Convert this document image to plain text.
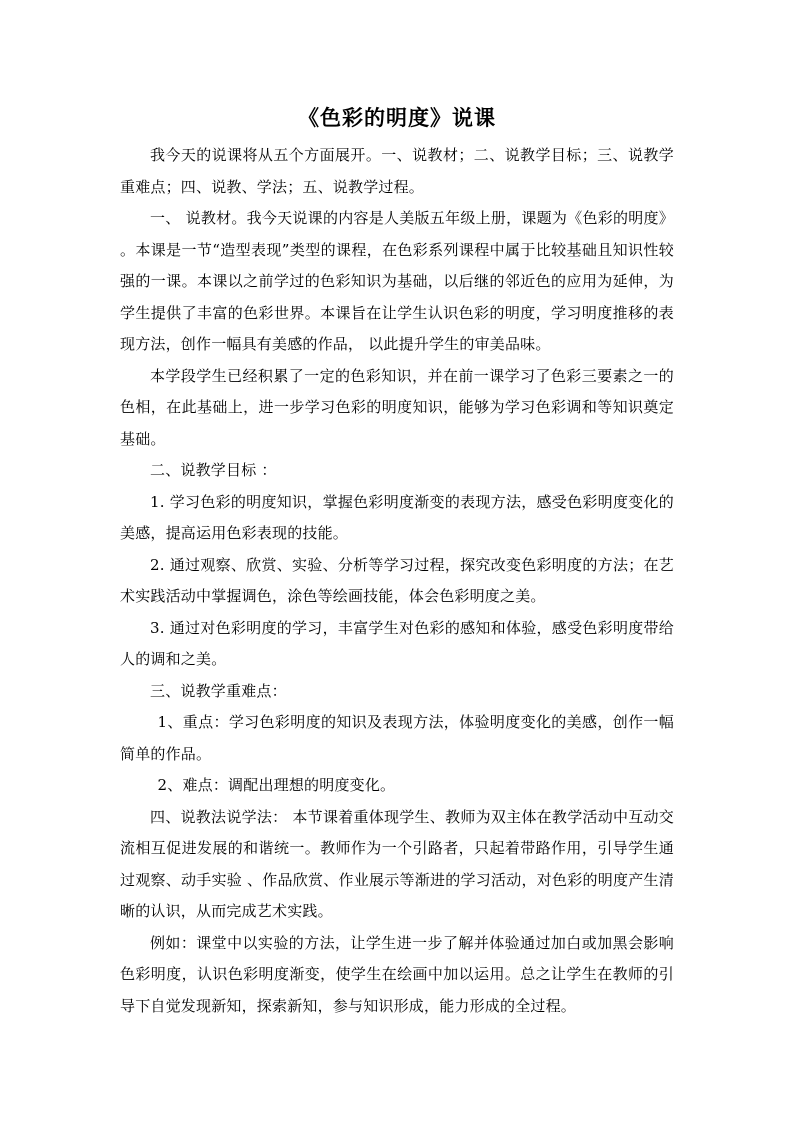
《色彩的明度》说课

我今天的说课将从五个方面展开。一、说教材；二、说教学目标；三、说教学重难点；四、说教、学法；五、说教学过程。

一、 说教材。我今天说课的内容是人美版五年级上册，课题为《色彩的明度》 。本课是一节“造型表现”类型的课程，在色彩系列课程中属于比较基础且知识性较强的一课。本课以之前学过的色彩知识为基础，以后继的邻近色的应用为延伸，为学生提供了丰富的色彩世界。本课旨在让学生认识色彩的明度，学习明度推移的表现方法，创作一幅具有美感的作品， 以此提升学生的审美品味。

本学段学生已经积累了一定的色彩知识，并在前一课学习了色彩三要素之一的色相，在此基础上，进一步学习色彩的明度知识，能够为学习色彩调和等知识奠定基础。

二、说教学目标 ：

1. 学习色彩的明度知识，掌握色彩明度渐变的表现方法，感受色彩明度变化的美感，提高运用色彩表现的技能。

2. 通过观察、欣赏、实验、分析等学习过程，探究改变色彩明度的方法；在艺术实践活动中掌握调色，涂色等绘画技能，体会色彩明度之美。

3. 通过对色彩明度的学习，丰富学生对色彩的感知和体验，感受色彩明度带给人的调和之美。

三、说教学重难点：

1、重点：学习色彩明度的知识及表现方法，体验明度变化的美感，创作一幅简单的作品。

2、难点：调配出理想的明度变化。

四、说教法说学法： 本节课着重体现学生、教师为双主体在教学活动中互动交流相互促进发展的和谐统一。教师作为一个引路者，只起着带路作用，引导学生通过观察、动手实验 、作品欣赏、作业展示等渐进的学习活动，对色彩的明度产生清晰的认识，从而完成艺术实践。

例如：课堂中以实验的方法，让学生进一步了解并体验通过加白或加黑会影响色彩明度，认识色彩明度渐变，使学生在绘画中加以运用。总之让学生在教师的引导下自觉发现新知，探索新知，参与知识形成，能力形成的全过程。
